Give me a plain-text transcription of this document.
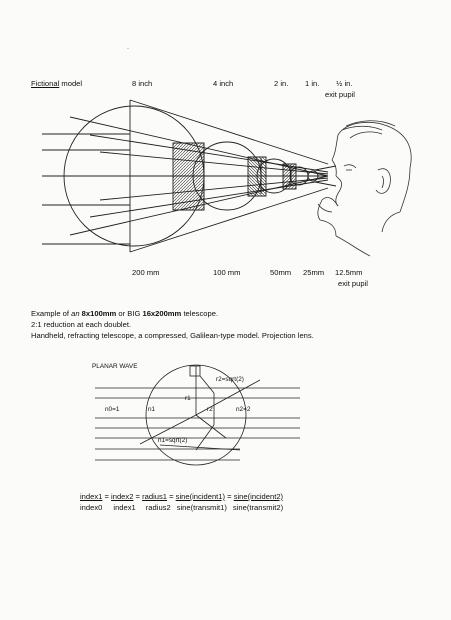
Fictional model	8 inch	4 inch	2 in. 1 in. ½ in.
exit pupil
·
200 mm	100 mm	50mm 25mm 12.5mm
exit pupil
Example of an 8x100mm or BIG 16x200mm telescope.
2:1 reduction at each doublet.
Handheld, refracting telescope, a compressed, Galilean-type model. Projection lens.
PLANAR WAVE
n0=1	n1
r1
r2
r2=sqrt(2)
n2=2
n1=sqrt(2)
index1 = index2 = radius1 = sine(incident1) = sine(incident2)
index0 index1 radius2 sine(transmit1) sine(transmit2)
